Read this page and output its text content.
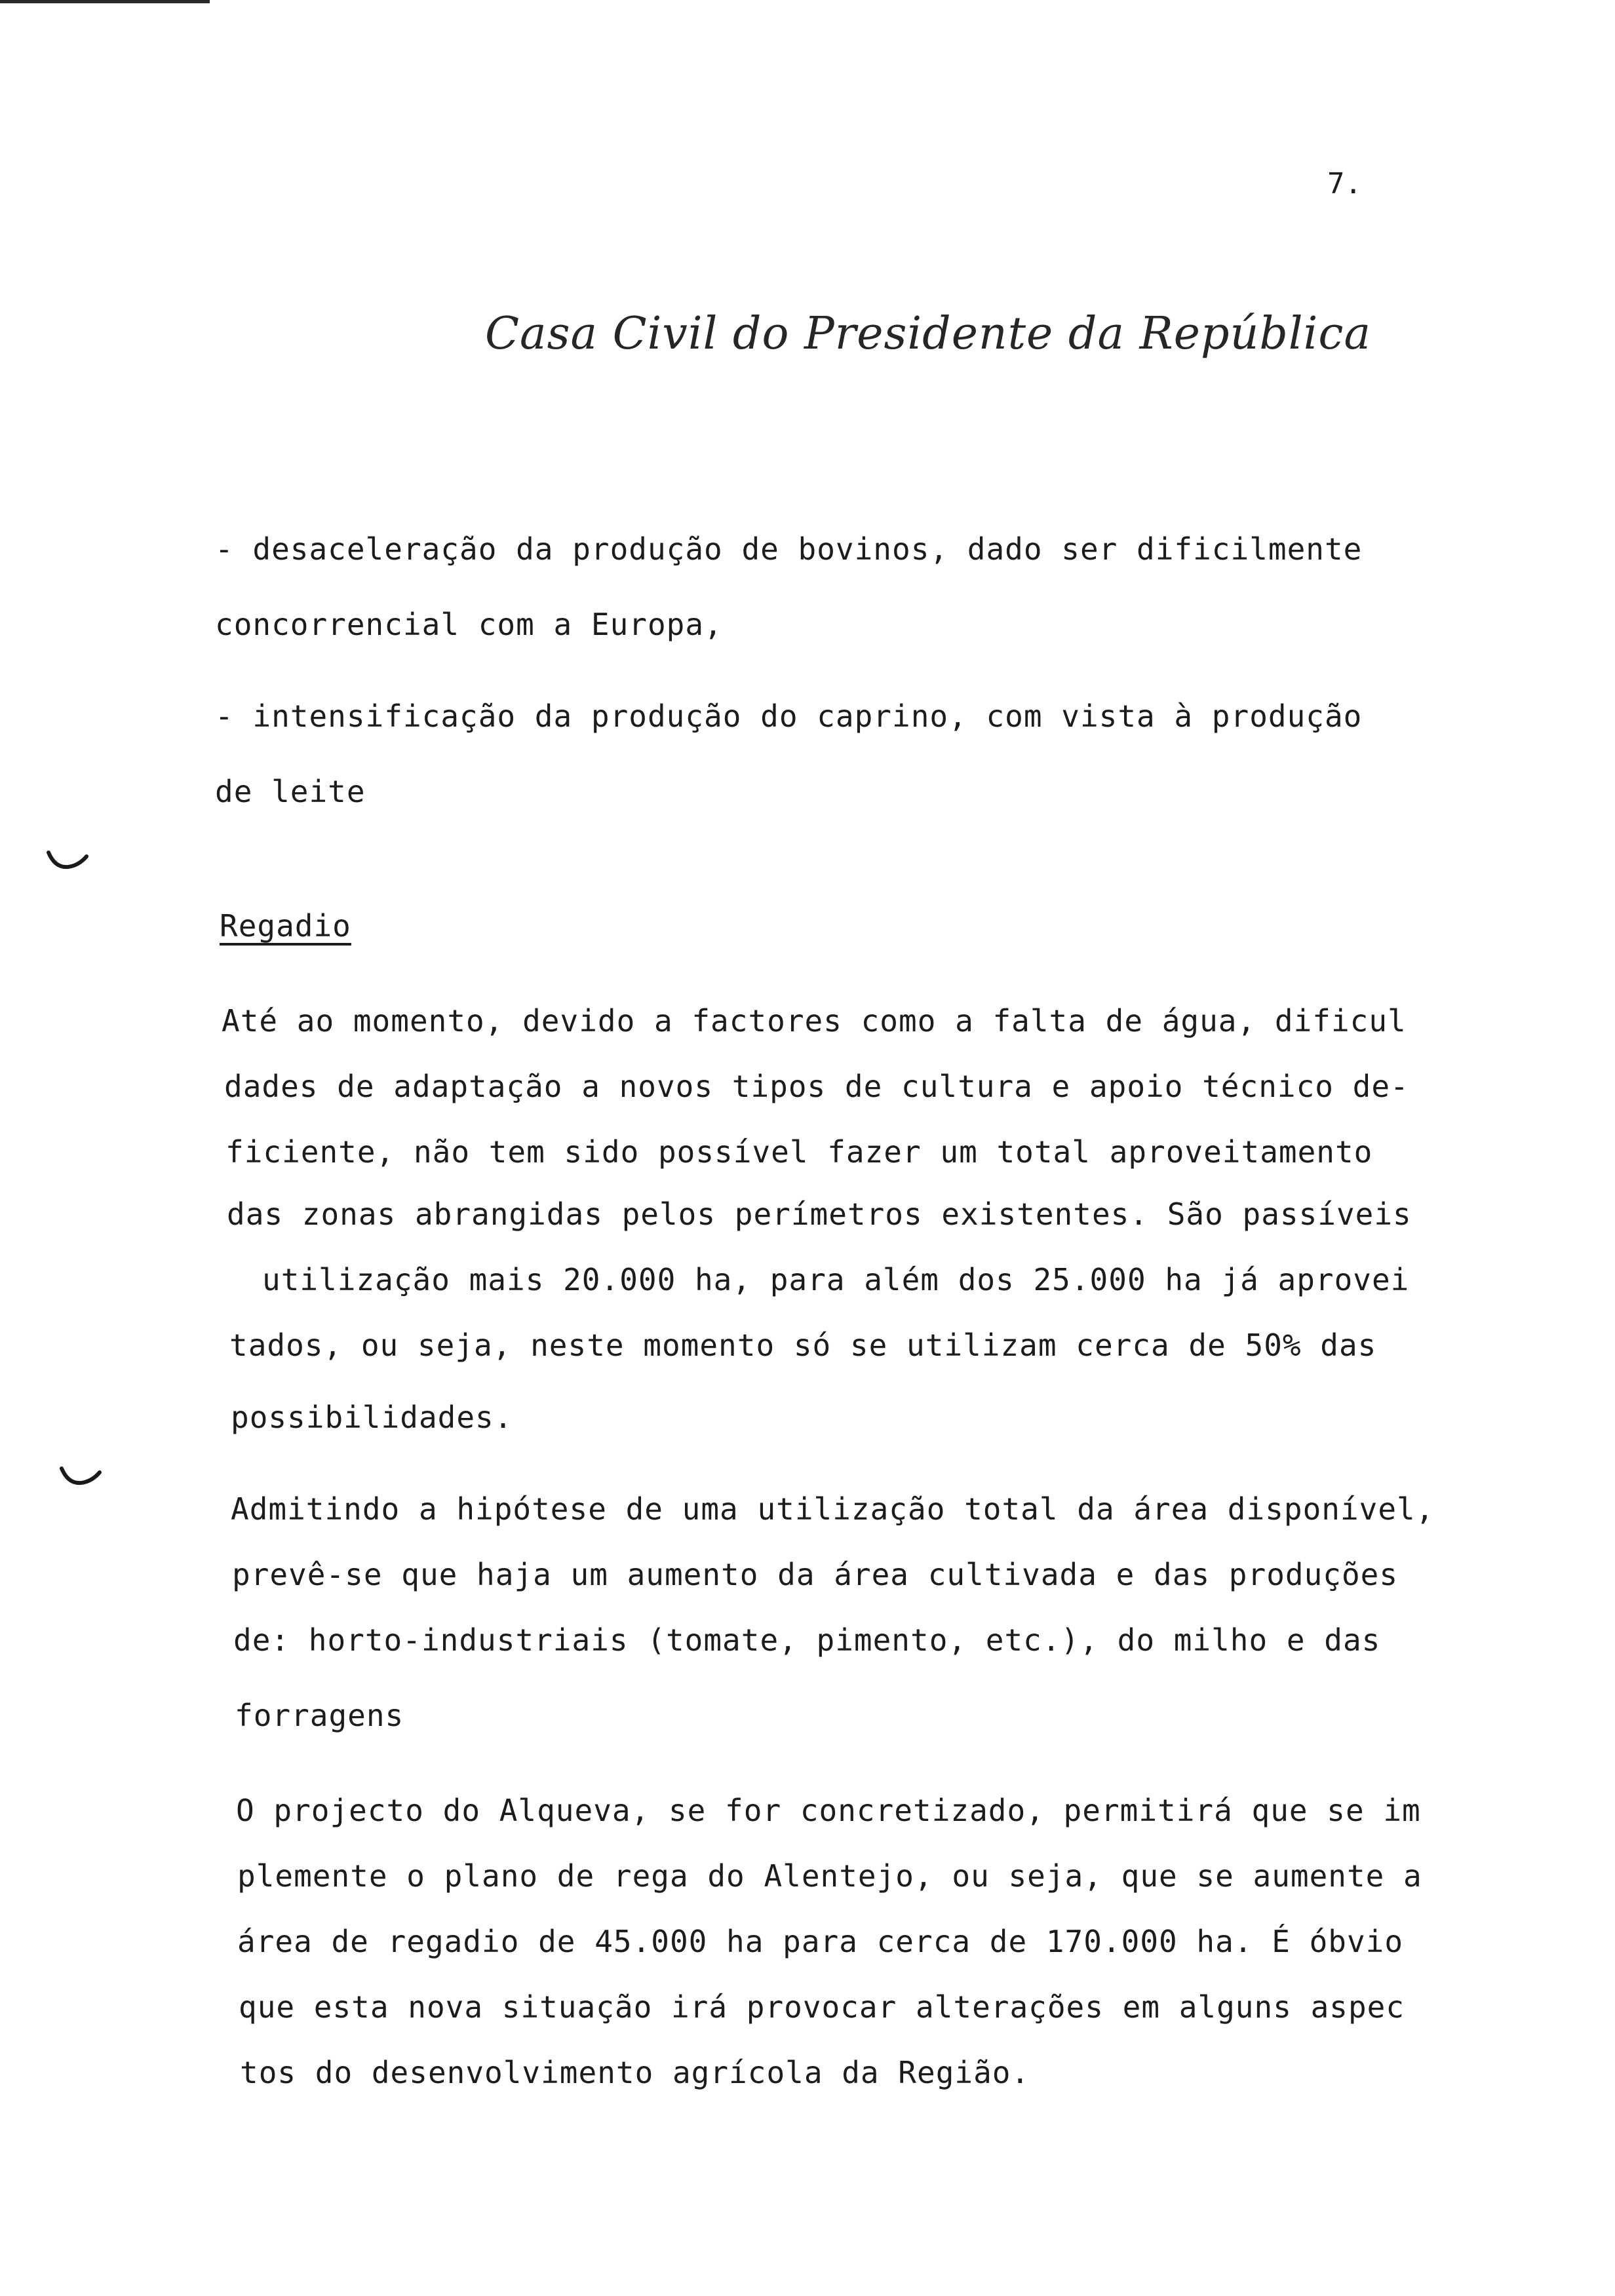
7.
Casa Civil do Presidente da República
- desaceleração da produção de bovinos, dado ser dificilmente
concorrencial com a Europa,
- intensificação da produção do caprino, com vista à produção
de leite
Regadio
Até ao momento, devido a factores como a falta de água, dificul
dades de adaptação a novos tipos de cultura e apoio técnico de-
ficiente, não tem sido possível fazer um total aproveitamento
das zonas abrangidas pelos perímetros existentes. São passíveis
utilização mais 20.000 ha, para além dos 25.000 ha já aprovei
tados, ou seja, neste momento só se utilizam cerca de 50% das
possibilidades.
Admitindo a hipótese de uma utilização total da área disponível,
prevê-se que haja um aumento da área cultivada e das produções
de: horto-industriais (tomate, pimento, etc.), do milho e das
forragens
O projecto do Alqueva, se for concretizado, permitirá que se im
plemente o plano de rega do Alentejo, ou seja, que se aumente a
área de regadio de 45.000 ha para cerca de 170.000 ha. É óbvio
que esta nova situação irá provocar alterações em alguns aspec
tos do desenvolvimento agrícola da Região.
